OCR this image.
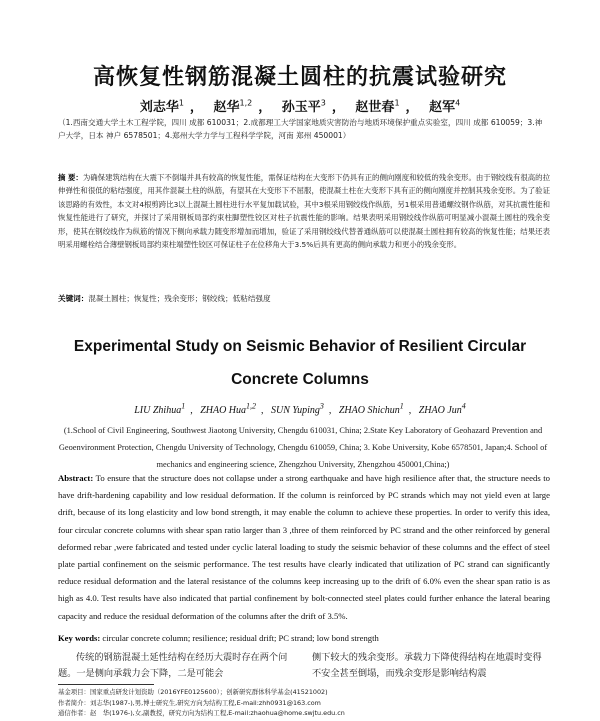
高恢复性钢筋混凝土圆柱的抗震试验研究
刘志华$^1$ ， 赵华$^{1,2}$ ， 孙玉平$^3$ ， 赵世春$^1$ ， 赵军$^4$
（1.西南交通大学土木工程学院，四川 成都 610031；2.成都理工大学国家地质灾害防治与地质环境保护重点实验室，四川 成都 610059；3.神户大学，日本 神户 6578501；4.郑州大学力学与工程科学学院，河南 郑州 450001）
摘 要：为确保建筑结构在大震下不倒塌并具有较高的恢复性能，需保证结构在大变形下仍具有正的侧向刚度和较低的残余变形。由于钢绞线有很高的拉伸弹性和很低的粘结强度，用其作混凝土柱的纵筋，有望其在大变形下不屈服，使混凝土柱在大变形下具有正的侧向刚度并控制其残余变形。为了验证该思路的有效性，本文对4根剪跨比3以上混凝土圆柱进行水平复加载试验，其中3根采用钢绞线作纵筋，另1根采用普通螺纹钢作纵筋，对其抗震性能和恢复性能进行了研究，并探讨了采用钢板局部约束柱脚塑性铰区对柱子抗震性能的影响。结果表明采用钢绞线作纵筋可明显减小混凝土圆柱的残余变形，使其在钢绞线作为纵筋的情况下侧向承载力随变形增加而增加，验证了采用钢绞线代替普通纵筋可以使混凝土圆柱拥有较高的恢复性能；结果还表明采用螺栓结合薄壁钢板局部约束柱端塑性铰区可保证柱子在位移角大于3.5%后具有更高的侧向承载力和更小的残余变形。
关键词：混凝土圆柱；恢复性；残余变形；钢绞线；低粘结强度
Experimental Study on Seismic Behavior of Resilient Circular Concrete Columns
LIU Zhihua$^1$ , ZHAO Hua$^{1,2}$ , SUN Yuping$^3$ , ZHAO Shichun$^1$ , ZHAO Jun$^4$
(1.School of Civil Engineering, Southwest Jiaotong University, Chengdu 610031, China; 2.State Key Laboratory of Geohazard Prevention and Geoenvironment Protection, Chengdu University of Technology, Chengdu 610059, China; 3. Kobe University, Kobe 6578501, Japan;4. School of mechanics and engineering science, Zhengzhou University, Zhengzhou 450001,China;)
Abstract: To ensure that the structure does not collapse under a strong earthquake and have high resilience after that, the structure needs to have drift-hardening capability and low residual deformation. If the column is reinforced by PC strands which may not yield even at large drift, because of its long elasticity and low bond strength, it may enable the column to achieve these properties. In order to verify this idea, four circular concrete columns with shear span ratio larger than 3 ,three of them reinforced by PC strand and the other reinforced by general deformed rebar ,were fabricated and tested under cyclic lateral loading to study the seismic behavior of these columns and the effect of steel plate partial confinement on the seismic performance. The test results have clearly indicated that utilization of PC strand can significantly reduce residual deformation and the lateral resistance of the columns keep increasing up to the drift of 6.0% even the shear span ratio is as high as 4.0. Test results have also indicated that partial confinement by bolt-connected steel plates could further enhance the lateral bearing capacity and reduce the residual deformation of the columns after the drift of 3.5%.
Key words: circular concrete column; resilience; residual drift; PC strand; low bond strength
传统的钢筋混凝土延性结构在经历大震时存在两个问题。一是侧向承载力会下降，二是可能会
侧下较大的残余变形。承载力下降使得结构在地震时变得不安全甚至倒塌，而残余变形是影响结构震
基金项目：国家重点研发计划资助（2016YFE0125600）；创新研究群体科学基金(41521002)
作者简介：刘志华(1987-),男,博士研究生,研究方向为结构工程,E-mail:zhh0931@163.com
通信作者：赵　华(1976-),女,副教授，研究方向为结构工程,E-mail:zhaohua@home.swjtu.edu.cn
